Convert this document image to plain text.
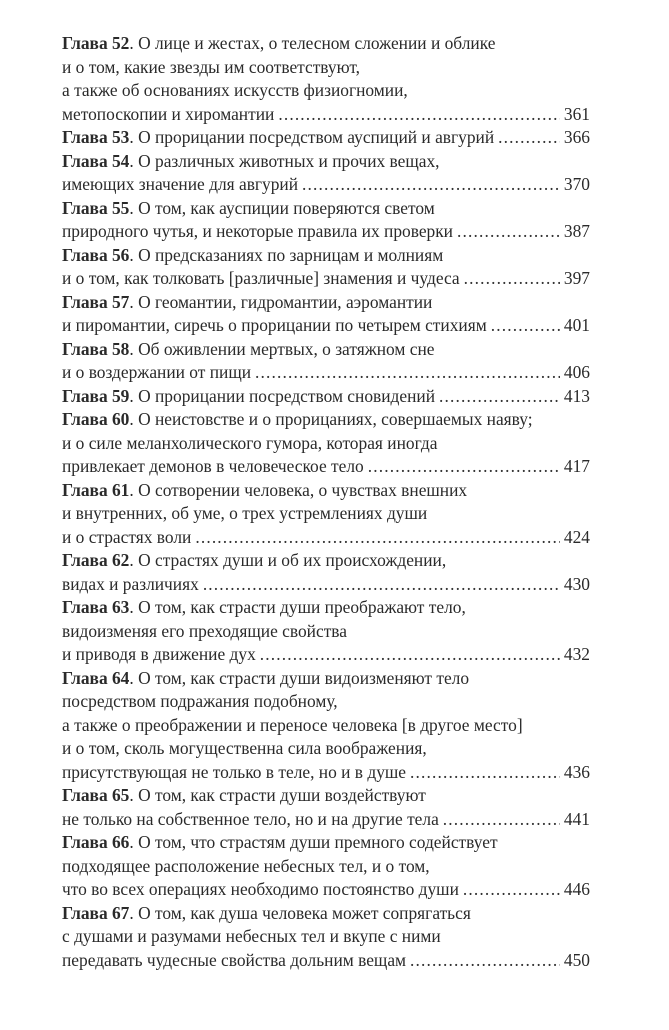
Глава 52 . О лице и жестах, о телесном сложении и облике
и о том, какие звезды им соответствуют,
а также об основаниях искусств физиогномии,
метопоскопии и хиромантии . . .	361
Глава 53 . О прорицании посредством ауспиций и авгурий . . .	366
Глава 54 . О различных животных и прочих вещах,
имеющих значение для авгурий . . .	370
Глава 55 . О том, как ауспиции поверяются светом
природного чутья, и некоторые правила их проверки . . .	387
Глава 56 . О предсказаниях по зарницам и молниям
и о том, как толковать [различные] знамения и чудеса . . .	397
Глава 57 . О геомантии, гидромантии, аэромантии
и пиромантии, сиречь о прорицании по четырем стихиям . . .	401
Глава 58 . Об оживлении мертвых, о затяжном сне
и о воздержании от пищи . . .	406
Глава 59 . О прорицании посредством сновидений . . .	413
Глава 60 . О неистовстве и о прорицаниях, совершаемых наяву;
и о силе меланхолического гумора, которая иногда
привлекает демонов в человеческое тело . . .	417
Глава 61 . О сотворении человека, о чувствах внешних
и внутренних, об уме, о трех устремлениях души
и о страстях воли . . .	424
Глава 62 . О страстях души и об их происхождении,
видах и различиях . . .	430
Глава 63 . О том, как страсти души преображают тело,
видоизменяя его преходящие свойства
и приводя в движение дух . . .	432
Глава 64 . О том, как страсти души видоизменяют тело
посредством подражания подобному,
а также о преображении и переносе человека [в другое место]
и о том, сколь могущественна сила воображения,
присутствующая не только в теле, но и в душе . . .	436
Глава 65 . О том, как страсти души воздействуют
не только на собственное тело, но и на другие тела . . .	441
Глава 66 . О том, что страстям души премного содействует
подходящее расположение небесных тел, и о том,
что во всех операциях необходимо постоянство души . . .	446
Глава 67 . О том, как душа человека может сопрягаться
с душами и разумами небесных тел и вкупе с ними
передавать чудесные свойства дольним вещам . . .	450
